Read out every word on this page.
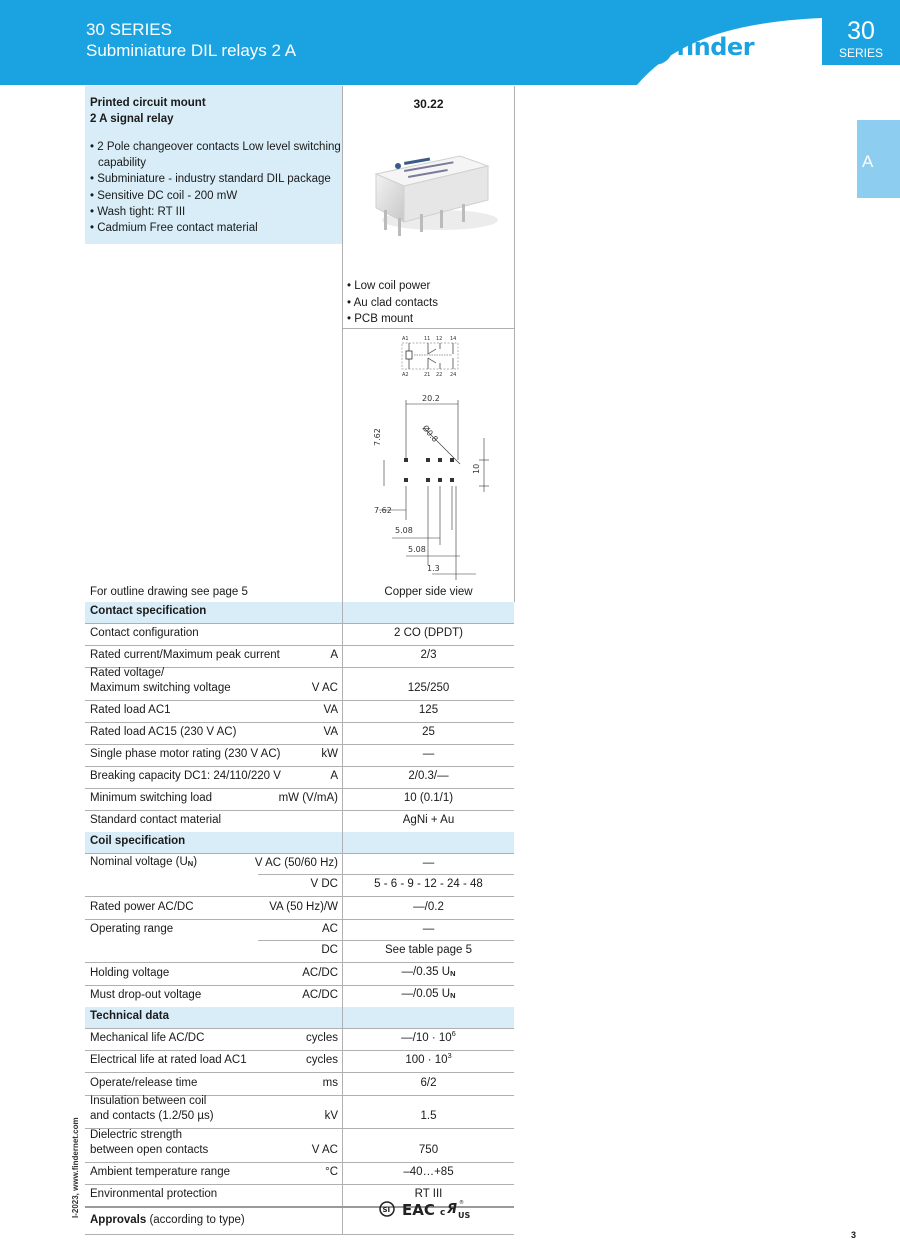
30 SERIES
Subminiature DIL relays 2 A	finder
30
SERIES
A
Printed circuit mount
2 A signal relay
• 2 Pole changeover contacts Low level switching capability
• Subminiature - industry standard DIL package
• Sensitive DC coil - 200 mW
• Wash tight: RT III
• Cadmium Free contact material
30.22
• Low coil power
• Au clad contacts
• PCB mount
A1	11 12 14
A2	21 22 24
20.2
7.62	Ø0.8
10
7.62
5.08
5.08
1.3
For outline drawing see page 5	Copper side view
Contact specification
Contact configuration	2 CO (DPDT)
Rated current/Maximum peak current	A	2/3
Rated voltage/
Maximum switching voltage	V AC	125/250
Rated load AC1	VA	125
Rated load AC15 (230 V AC)	VA	25
Single phase motor rating (230 V AC)	kW	—
Breaking capacity DC1: 24/110/220 V	A	2/0.3/—
Minimum switching load	mW (V/mA)	10 (0.1/1)
Standard contact material	AgNi + Au
Coil specification
Nominal voltage $(U_N)$	V AC (50/60 Hz)	—
V DC	5 - 6 - 9 - 12 - 24 - 48
Rated power AC/DC	VA (50 Hz)/W	—/0.2
Operating range	AC	—
DC	See table page 5
Holding voltage	AC/DC	—/0.35 $U_N$
Must drop-out voltage	AC/DC	—/0.05 $U_N$
Technical data
Mechanical life AC/DC	cycles	—/10 · $10^6$
Electrical life at rated load AC1	cycles	$100 \cdot 10^3$
Operate/release time	ms	6/2
Insulation between coil
and contacts (1.2/50 µs)	kV	1.5
Dielectric strength
between open contacts	V AC	750
Ambient temperature range	°C	–40…+85
Environmental protection	RT III
Approvals (according to type)
SI EAC c Я US
®
I-2023, www.findernet.com
3
